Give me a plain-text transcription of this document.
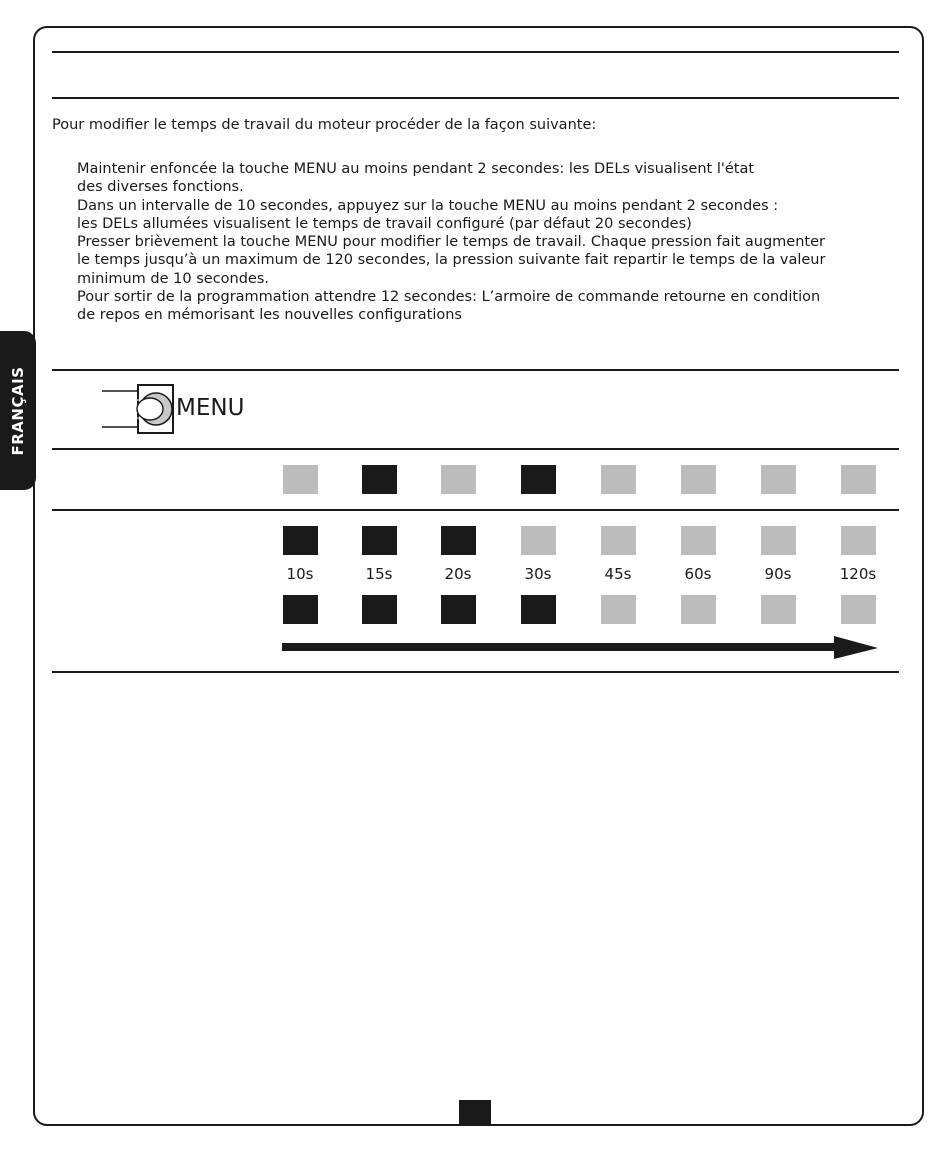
FRANÇAIS

Pour modifier le temps de travail du moteur procéder de la façon suivante:

Maintenir enfoncée la touche MENU au moins pendant 2 secondes: les DELs visualisent l'état

des diverses fonctions.

Dans un intervalle de 10 secondes, appuyez sur la touche MENU au moins pendant 2 secondes :

les DELs allumées visualisent le temps de travail configuré (par défaut 20 secondes)

Presser brièvement la touche MENU pour modifier le temps de travail. Chaque pression fait augmenter

le temps jusqu’à un maximum de 120 secondes, la pression suivante fait repartir le temps de la valeur

minimum de 10 secondes.

Pour sortir de la programmation attendre 12 secondes: L’armoire de commande retourne en condition

de repos en mémorisant les nouvelles configurations

MENU
10s	15s	20s	30s	45s	60s	90s	120s
